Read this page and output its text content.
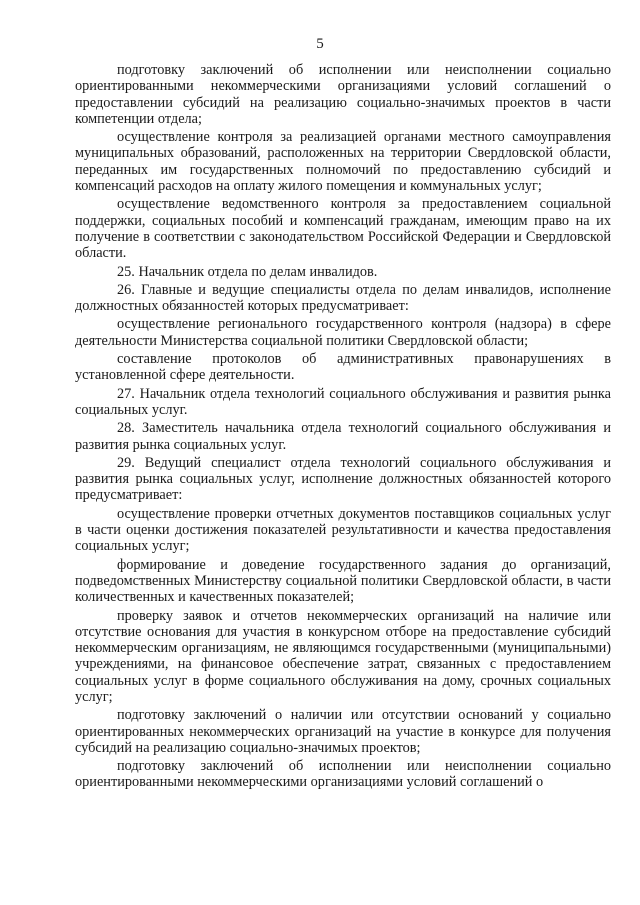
5

подготовку заключений об исполнении или неисполнении социально ориентированными некоммерческими организациями условий соглашений о предоставлении субсидий на реализацию социально-значимых проектов в части компетенции отдела;

осуществление контроля за реализацией органами местного самоуправления муниципальных образований, расположенных на территории Свердловской области, переданных им государственных полномочий по предоставлению субсидий и компенсаций расходов на оплату жилого помещения и коммунальных услуг;

осуществление ведомственного контроля за предоставлением социальной поддержки, социальных пособий и компенсаций гражданам, имеющим право на их получение в соответствии с законодательством Российской Федерации и Свердловской области.

25. Начальник отдела по делам инвалидов.

26. Главные и ведущие специалисты отдела по делам инвалидов, исполнение должностных обязанностей которых предусматривает:

осуществление регионального государственного контроля (надзора) в сфере деятельности Министерства социальной политики Свердловской области;

составление протоколов об административных правонарушениях в установленной сфере деятельности.

27. Начальник отдела технологий социального обслуживания и развития рынка социальных услуг.

28. Заместитель начальника отдела технологий социального обслуживания и развития рынка социальных услуг.

29. Ведущий специалист отдела технологий социального обслуживания и развития рынка социальных услуг, исполнение должностных обязанностей которого предусматривает:

осуществление проверки отчетных документов поставщиков социальных услуг в части оценки достижения показателей результативности и качества предоставления социальных услуг;

формирование и доведение государственного задания до организаций, подведомственных Министерству социальной политики Свердловской области, в части количественных и качественных показателей;

проверку заявок и отчетов некоммерческих организаций на наличие или отсутствие основания для участия в конкурсном отборе на предоставление субсидий некоммерческим организациям, не являющимся государственными (муниципальными) учреждениями, на финансовое обеспечение затрат, связанных с предоставлением социальных услуг в форме социального обслуживания на дому, срочных социальных услуг;

подготовку заключений о наличии или отсутствии оснований у социально ориентированных некоммерческих организаций на участие в конкурсе для получения субсидий на реализацию социально-значимых проектов;

подготовку заключений об исполнении или неисполнении социально ориентированными некоммерческими организациями условий соглашений о
